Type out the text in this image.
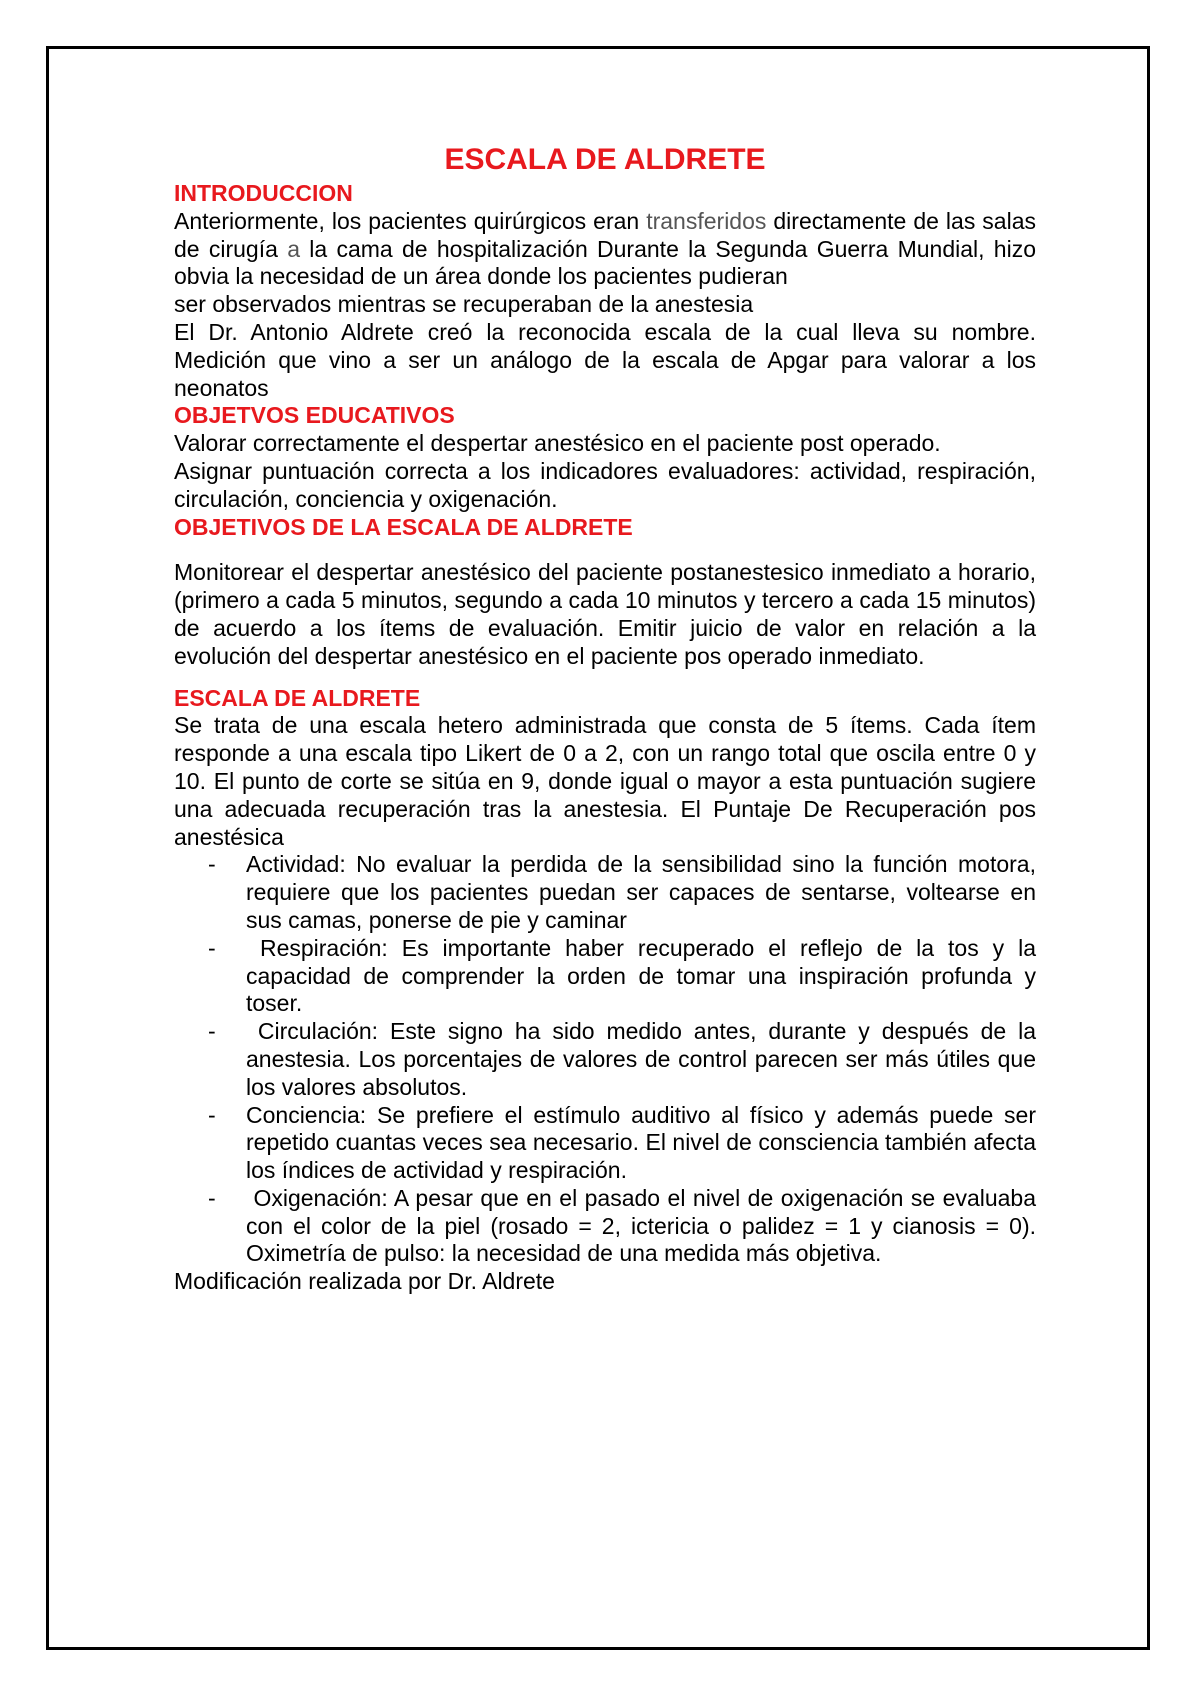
ESCALA DE ALDRETE
INTRODUCCION

Anteriormente, los pacientes quirúrgicos eran transferidos directamente de las salas de cirugía a la cama de hospitalización Durante la Segunda Guerra Mundial, hizo obvia la necesidad de un área donde los pacientes pudieran

ser observados mientras se recuperaban de la anestesia

El Dr. Antonio Aldrete creó la reconocida escala de la cual lleva su nombre. Medición que vino a ser un análogo de la escala de Apgar para valorar a los neonatos

OBJETVOS EDUCATIVOS

Valorar correctamente el despertar anestésico en el paciente post operado.

Asignar puntuación correcta a los indicadores evaluadores: actividad, respiración, circulación, conciencia y oxigenación.

OBJETIVOS DE LA ESCALA DE ALDRETE

Monitorear el despertar anestésico del paciente postanestesico inmediato a horario, (primero a cada 5 minutos, segundo a cada 10 minutos y tercero a cada 15 minutos) de acuerdo a los ítems de evaluación. Emitir juicio de valor en relación a la evolución del despertar anestésico en el paciente pos operado inmediato.

ESCALA DE ALDRETE

Se trata de una escala hetero administrada que consta de 5 ítems. Cada ítem responde a una escala tipo Likert de 0 a 2, con un rango total que oscila entre 0 y 10. El punto de corte se sitúa en 9, donde igual o mayor a esta puntuación sugiere una adecuada recuperación tras la anestesia. El Puntaje De Recuperación pos anestésica

- Actividad: No evaluar la perdida de la sensibilidad sino la función motora, requiere que los pacientes puedan ser capaces de sentarse, voltearse en sus camas, ponerse de pie y caminar
- Respiración: Es importante haber recuperado el reflejo de la tos y la capacidad de comprender la orden de tomar una inspiración profunda y toser.
- Circulación: Este signo ha sido medido antes, durante y después de la anestesia. Los porcentajes de valores de control parecen ser más útiles que los valores absolutos.
- Conciencia: Se prefiere el estímulo auditivo al físico y además puede ser repetido cuantas veces sea necesario. El nivel de consciencia también afecta los índices de actividad y respiración.
- Oxigenación: A pesar que en el pasado el nivel de oxigenación se evaluaba con el color de la piel (rosado = 2, ictericia o palidez = 1 y cianosis = 0).  Oximetría de pulso: la necesidad de una medida más objetiva.

Modificación realizada por Dr. Aldrete
